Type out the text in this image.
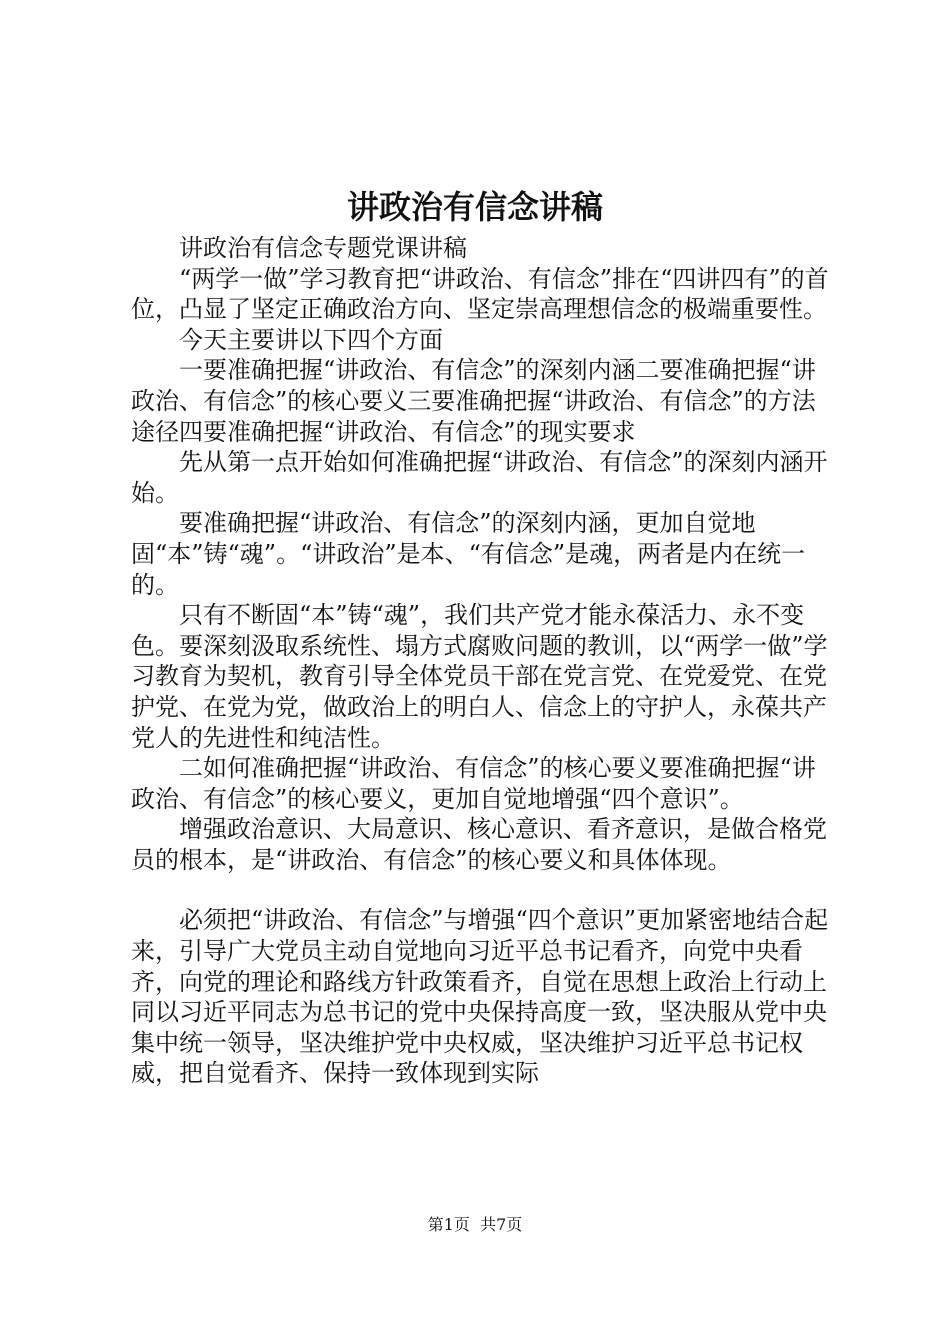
讲政治有信念讲稿

讲政治有信念专题党课讲稿

“两学一做”学习教育把“讲政治、有信念”排在“四讲四有”的首位，凸显了坚定正确政治方向、坚定崇高理想信念的极端重要性。

今天主要讲以下四个方面

一要准确把握“讲政治、有信念”的深刻内涵二要准确把握“讲政治、有信念”的核心要义三要准确把握“讲政治、有信念”的方法途径四要准确把握“讲政治、有信念”的现实要求

先从第一点开始如何准确把握“讲政治、有信念”的深刻内涵开始。

要准确把握“讲政治、有信念”的深刻内涵，更加自觉地固“本”铸“魂”。“讲政治”是本、“有信念”是魂，两者是内在统一的。

只有不断固“本”铸“魂”，我们共产党才能永葆活力、永不变色。要深刻汲取系统性、塌方式腐败问题的教训，以“两学一做”学习教育为契机，教育引导全体党员干部在党言党、在党爱党、在党护党、在党为党，做政治上的明白人、信念上的守护人，永葆共产党人的先进性和纯洁性。

二如何准确把握“讲政治、有信念”的核心要义要准确把握“讲政治、有信念”的核心要义，更加自觉地增强“四个意识”。

增强政治意识、大局意识、核心意识、看齐意识，是做合格党员的根本，是“讲政治、有信念”的核心要义和具体体现。

必须把“讲政治、有信念”与增强“四个意识”更加紧密地结合起来，引导广大党员主动自觉地向习近平总书记看齐，向党中央看齐，向党的理论和路线方针政策看齐，自觉在思想上政治上行动上同以习近平同志为总书记的党中央保持高度一致，坚决服从党中央集中统一领导，坚决维护党中央权威，坚决维护习近平总书记权威，把自觉看齐、保持一致体现到实际

第1页 共7页
